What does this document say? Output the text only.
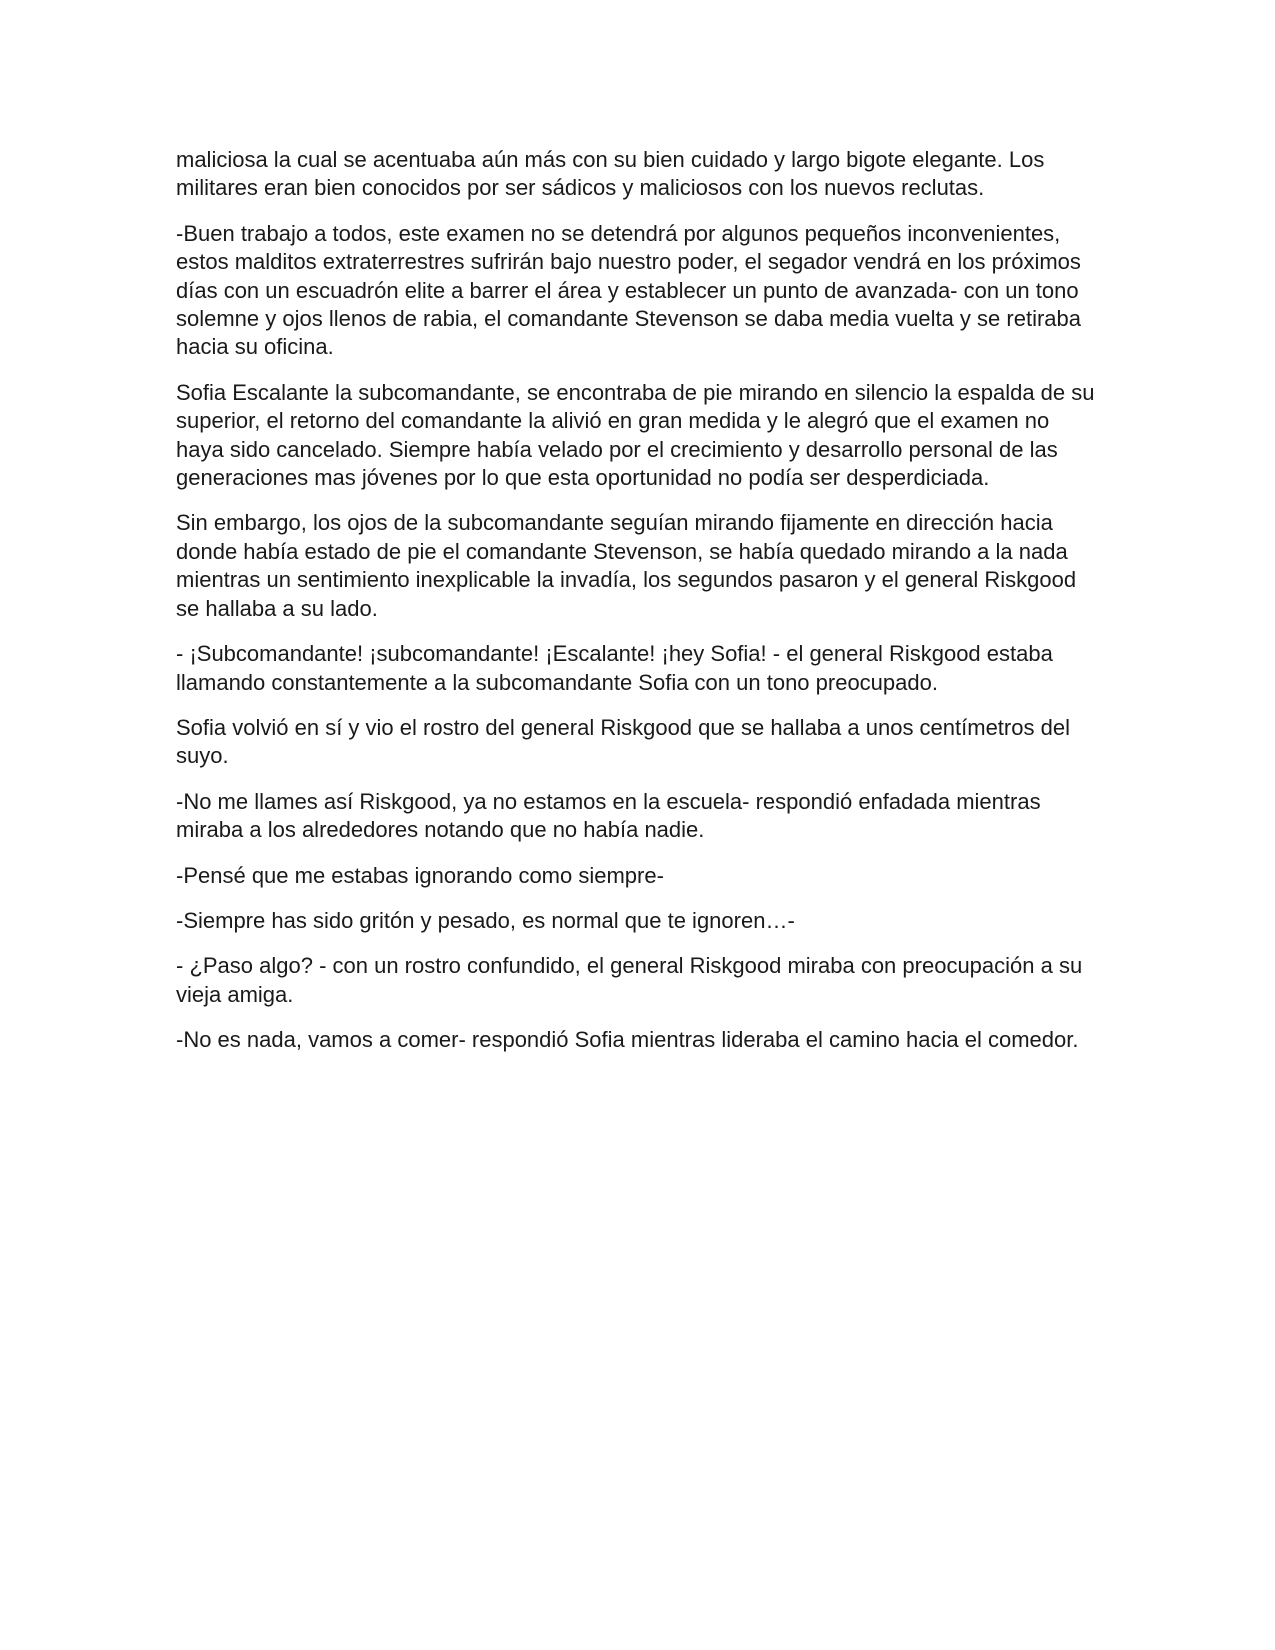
maliciosa la cual se acentuaba aún más con su bien cuidado y largo bigote elegante. Los militares eran bien conocidos por ser sádicos y maliciosos con los nuevos reclutas.

-Buen trabajo a todos, este examen no se detendrá por algunos pequeños inconvenientes, estos malditos extraterrestres sufrirán bajo nuestro poder, el segador vendrá en los próximos días con un escuadrón elite a barrer el área y establecer un punto de avanzada- con un tono solemne y ojos llenos de rabia, el comandante Stevenson se daba media vuelta y se retiraba hacia su oficina.

Sofia Escalante la subcomandante, se encontraba de pie mirando en silencio la espalda de su superior, el retorno del comandante la alivió en gran medida y le alegró que el examen no haya sido cancelado. Siempre había velado por el crecimiento y desarrollo personal de las generaciones mas jóvenes por lo que esta oportunidad no podía ser desperdiciada.

Sin embargo, los ojos de la subcomandante seguían mirando fijamente en dirección hacia donde había estado de pie el comandante Stevenson, se había quedado mirando a la nada mientras un sentimiento inexplicable la invadía, los segundos pasaron y el general Riskgood se hallaba a su lado.

- ¡Subcomandante! ¡subcomandante! ¡Escalante! ¡hey Sofia! - el general Riskgood estaba llamando constantemente a la subcomandante Sofia con un tono preocupado.

Sofia volvió en sí y vio el rostro del general Riskgood que se hallaba a unos centímetros del suyo.

-No me llames así Riskgood, ya no estamos en la escuela- respondió enfadada mientras miraba a los alrededores notando que no había nadie.

-Pensé que me estabas ignorando como siempre-

-Siempre has sido gritón y pesado, es normal que te ignoren…-

- ¿Paso algo? - con un rostro confundido, el general Riskgood miraba con preocupación a su vieja amiga.

-No es nada, vamos a comer- respondió Sofia mientras lideraba el camino hacia el comedor.
